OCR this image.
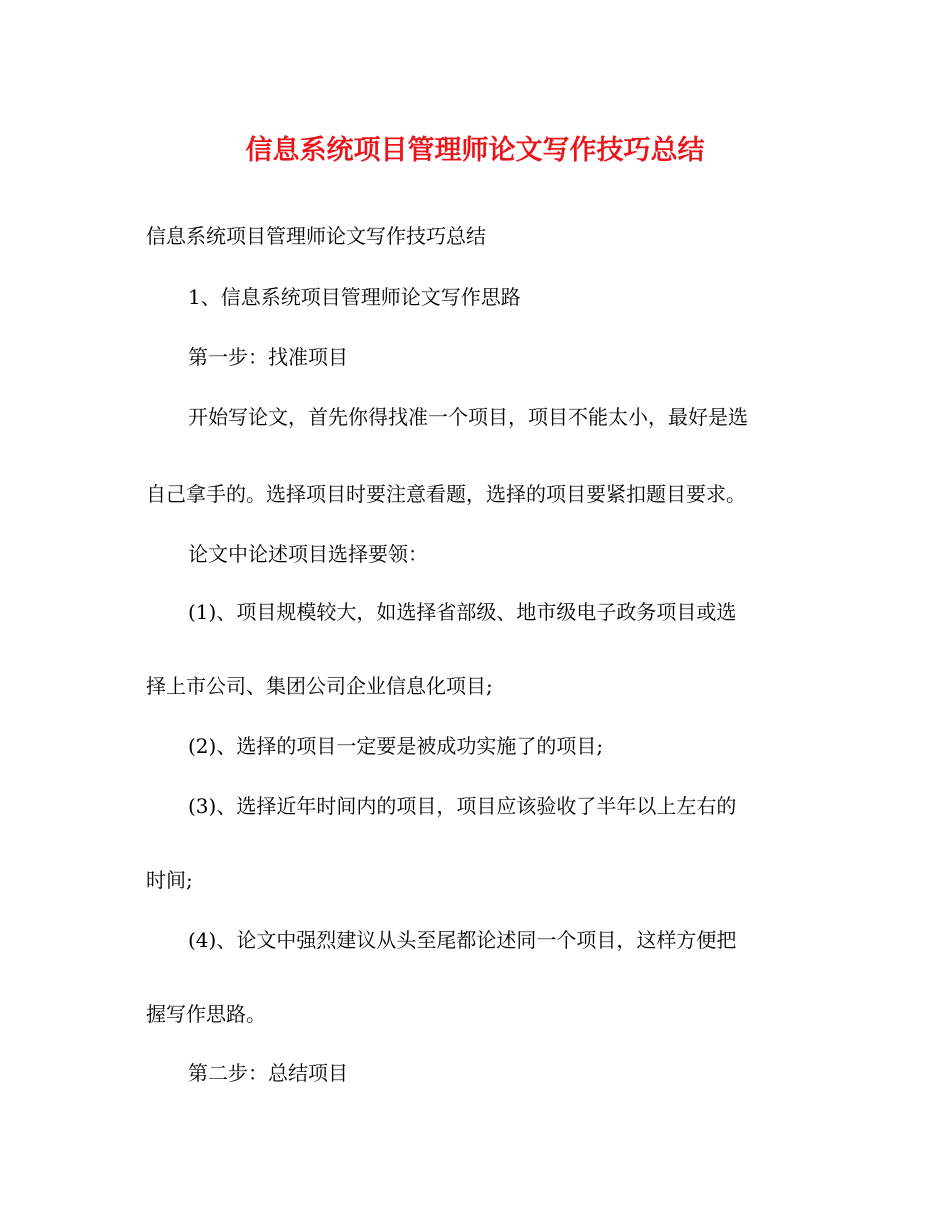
信息系统项目管理师论文写作技巧总结
信息系统项目管理师论文写作技巧总结
1、信息系统项目管理师论文写作思路
第一步：找准项目
开始写论文，首先你得找准一个项目，项目不能太小，最好是选
自己拿手的。选择项目时要注意看题，选择的项目要紧扣题目要求。
论文中论述项目选择要领：
(1)、项目规模较大，如选择省部级、地市级电子政务项目或选
择上市公司、集团公司企业信息化项目;
(2)、选择的项目一定要是被成功实施了的项目;
(3)、选择近年时间内的项目，项目应该验收了半年以上左右的
时间;
(4)、论文中强烈建议从头至尾都论述同一个项目，这样方便把
握写作思路。
第二步：总结项目
